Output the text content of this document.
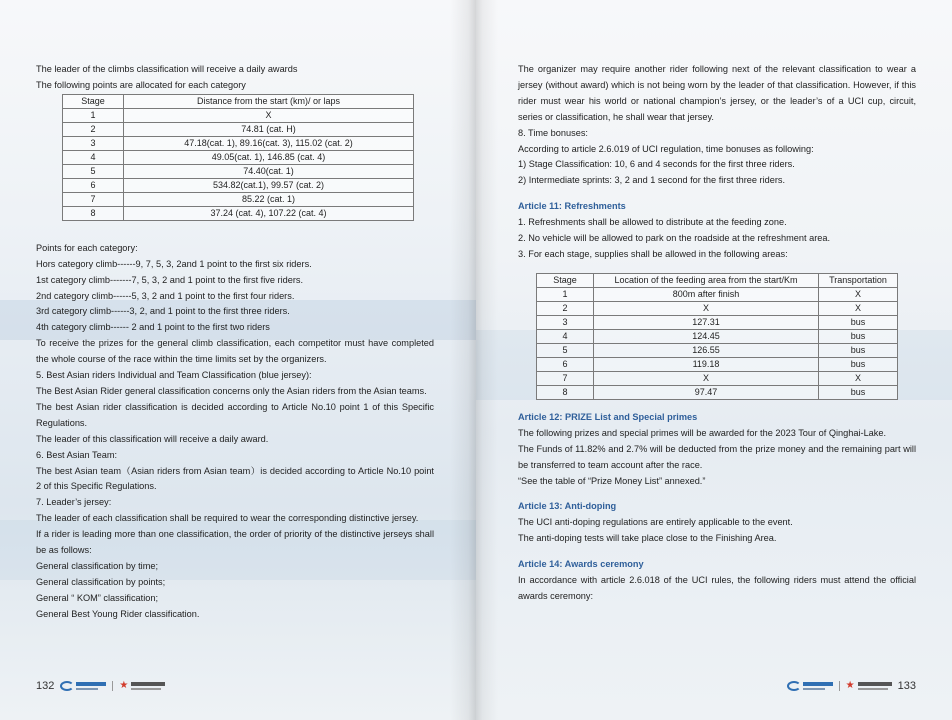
The leader of the climbs classification will receive a daily awards

The following points are allocated for each category

Stage	Distance from the start (km)/ or laps
1	X
2	74.81 (cat. H)
3	47.18(cat. 1), 89.16(cat. 3), 115.02 (cat. 2)
4	49.05(cat. 1), 146.85 (cat. 4)
5	74.40(cat. 1)
6	534.82(cat.1), 99.57 (cat. 2)
7	85.22 (cat. 1)
8	37.24 (cat. 4), 107.22 (cat. 4)

Points for each category:

Hors category climb------9, 7, 5, 3, 2and 1 point to the first six riders.

1st category climb-------7, 5, 3, 2 and 1 point to the first five riders.

2nd category climb------5, 3, 2 and 1 point to the first four riders.

3rd category climb------3, 2, and 1 point to the first three riders.

4th category climb------ 2 and 1 point to the first two riders

To receive the prizes for the general climb classification, each competitor must have completed the whole course of the race within the time limits set by the organizers.

5. Best Asian riders Individual and Team Classification (blue jersey):

The Best Asian Rider general classification concerns only the Asian riders from the Asian teams.

The best Asian rider classification is decided according to Article No.10 point 1 of this Specific Regulations.

The leader of this classification will receive a daily award.

6. Best Asian Team:

The best Asian team（Asian riders from Asian team）is decided according to Article No.10 point 2 of this Specific Regulations.

7. Leader’s jersey:

The leader of each classification shall be required to wear the corresponding distinctive jersey.

If a rider is leading more than one classification, the order of priority of the distinctive jerseys shall be as follows:

General classification by time;

General classification by points;

General “ KOM” classification;

General Best Young Rider classification.

132	★

The organizer may require another rider following next of the relevant classification to wear a jersey (without award) which is not being worn by the leader of that classification. However, if this rider must wear his world or national champion’s jersey, or the leader’s of a UCI cup, circuit, series or classification, he shall wear that jersey.

8. Time bonuses:

According to article 2.6.019 of UCI regulation, time bonuses as following:

1) Stage Classification: 10, 6 and 4 seconds for the first three riders.

2) Intermediate sprints: 3, 2 and 1 second for the first three riders.

Article 11: Refreshments

1. Refreshments shall be allowed to distribute at the feeding zone.

2. No vehicle will be allowed to park on the roadside at the refreshment area.

3. For each stage, supplies shall be allowed in the following areas:

Stage	Location of the feeding area from the start/Km	Transportation
1	800m after finish	X
2	X	X
3	127.31	bus
4	124.45	bus
5	126.55	bus
6	119.18	bus
7	X	X
8	97.47	bus

Article 12: PRIZE List and Special primes

The following prizes and special primes will be awarded for the 2023 Tour of Qinghai-Lake.

The Funds of 11.82% and 2.7% will be deducted from the prize money and the remaining part will be transferred to team account after the race.

“See the table of “Prize Money List” annexed.”

Article 13: Anti-doping

The UCI anti-doping regulations are entirely applicable to the event.

The anti-doping tests will take place close to the Finishing Area.

Article 14: Awards ceremony

In accordance with article 2.6.018 of the UCI rules, the following riders must attend the official awards ceremony:

★	133
